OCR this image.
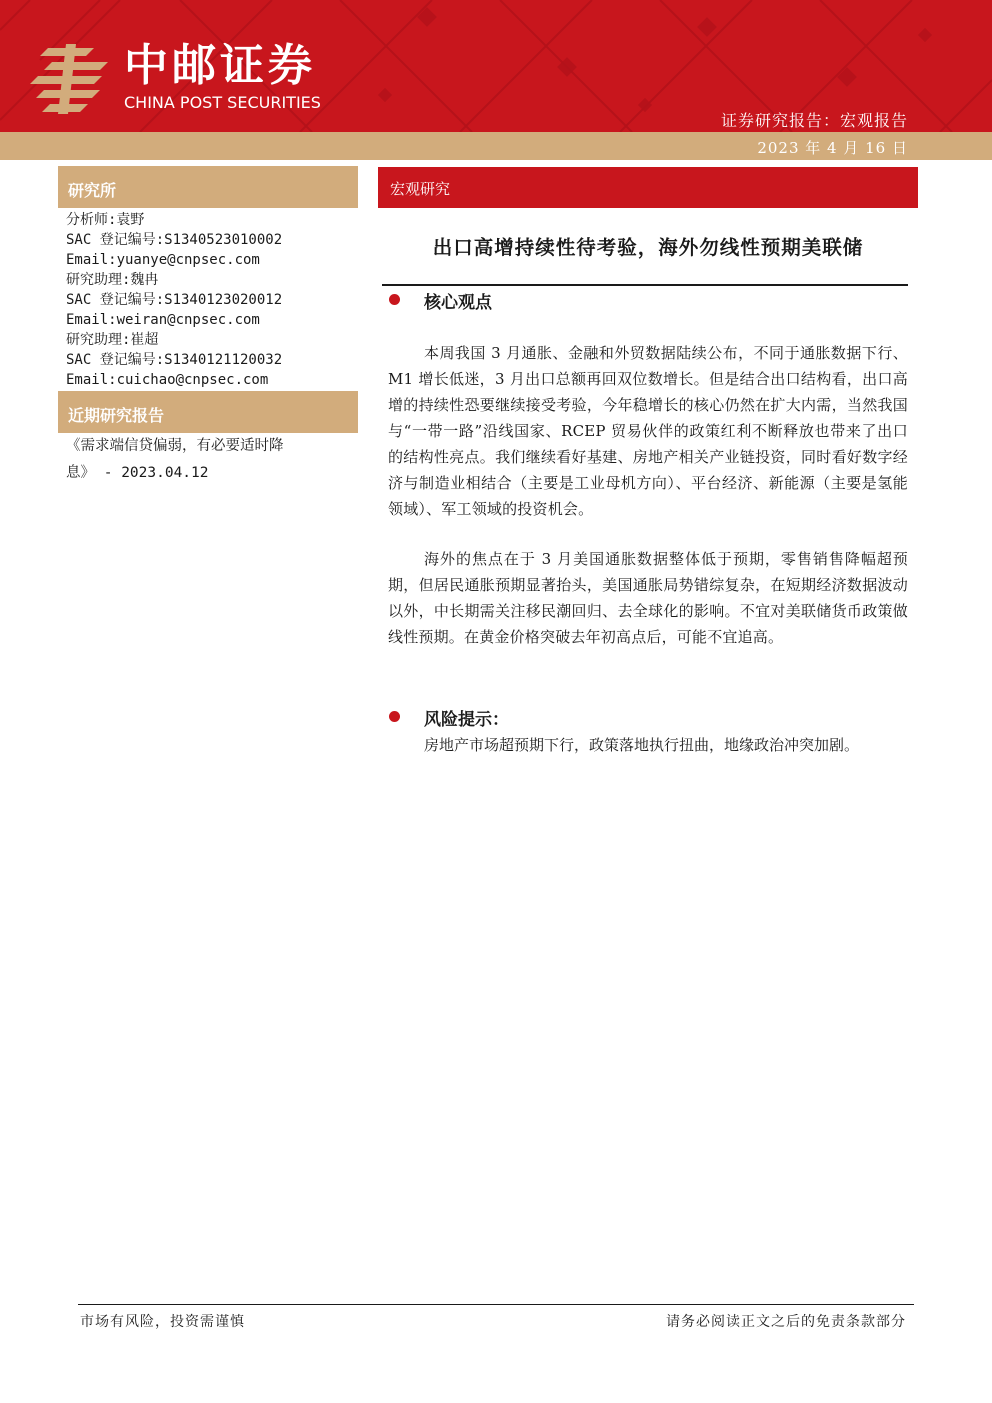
中邮证券
CHINA POST SECURITIES
证券研究报告：宏观报告
2023 年 4 月 16 日
研究所
分析师:袁野
SAC 登记编号:S1340523010002
Email:yuanye@cnpsec.com
研究助理:魏冉
SAC 登记编号:S1340123020012
Email:weiran@cnpsec.com
研究助理:崔超
SAC 登记编号:S1340121120032
Email:cuichao@cnpsec.com
近期研究报告
《需求端信贷偏弱，有必要适时降
息》 - 2023.04.12
宏观研究
出口高增持续性待考验，海外勿线性预期美联储
核心观点
本周我国 3 月通胀、金融和外贸数据陆续公布，不同于通胀数据下行、M1 增长低迷，3 月出口总额再回双位数增长。但是结合出口结构看，出口高增的持续性恐要继续接受考验，今年稳增长的核心仍然在扩大内需，当然我国与“一带一路”沿线国家、RCEP 贸易伙伴的政策红利不断释放也带来了出口的结构性亮点。我们继续看好基建、房地产相关产业链投资，同时看好数字经济与制造业相结合（主要是工业母机方向）、平台经济、新能源（主要是氢能领域）、军工领域的投资机会。
海外的焦点在于 3 月美国通胀数据整体低于预期，零售销售降幅超预期，但居民通胀预期显著抬头，美国通胀局势错综复杂，在短期经济数据波动以外，中长期需关注移民潮回归、去全球化的影响。不宜对美联储货币政策做线性预期。在黄金价格突破去年初高点后，可能不宜追高。
风险提示：
房地产市场超预期下行，政策落地执行扭曲，地缘政治冲突加剧。
市场有风险，投资需谨慎	请务必阅读正文之后的免责条款部分
